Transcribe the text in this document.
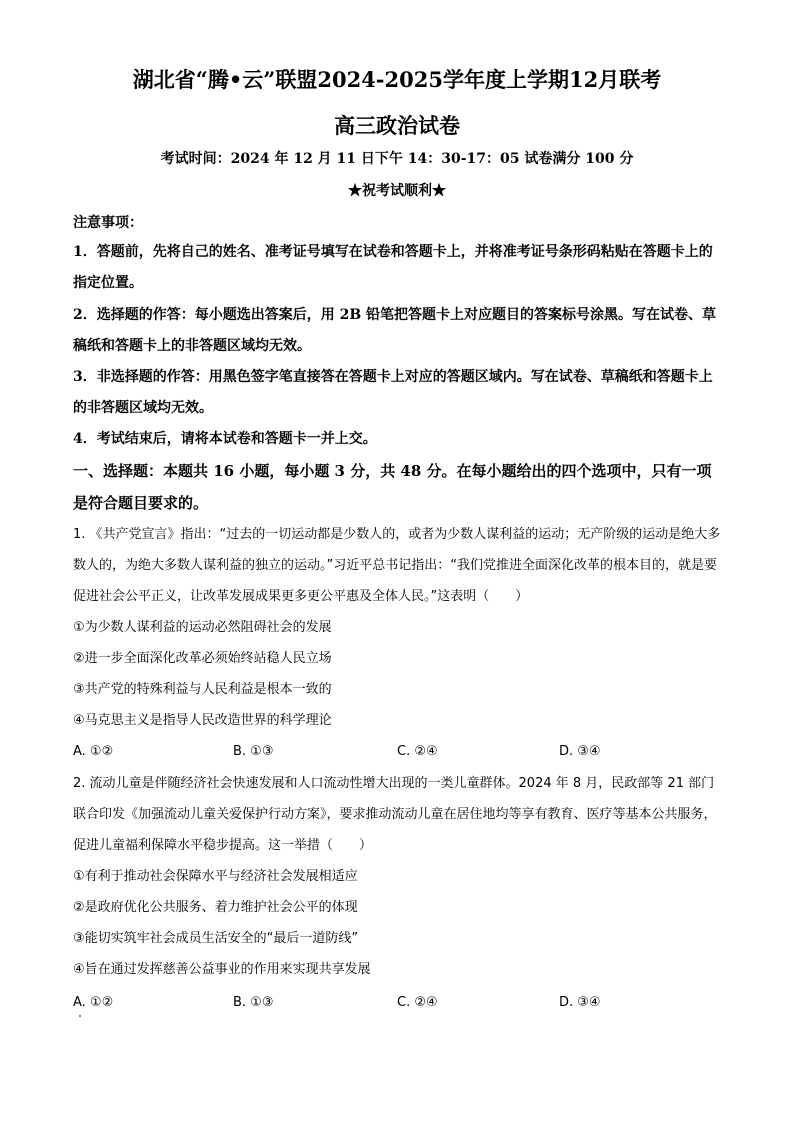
湖北省“腾•云”联盟2024-2025学年度上学期12月联考
高三政治试卷
考试时间：2024 年 12 月 11 日下午 14：30-17：05 试卷满分 100 分
★祝考试顺利★
注意事项：

1．答题前，先将自己的姓名、准考证号填写在试卷和答题卡上，并将准考证号条形码粘贴在答题卡上的指定位置。

2．选择题的作答：每小题选出答案后，用 2B 铅笔把答题卡上对应题目的答案标号涂黑。写在试卷、草稿纸和答题卡上的非答题区域均无效。

3．非选择题的作答：用黑色签字笔直接答在答题卡上对应的答题区域内。写在试卷、草稿纸和答题卡上的非答题区域均无效。

4．考试结束后，请将本试卷和答题卡一并上交。

一、选择题：本题共 16 小题，每小题 3 分，共 48 分。在每小题给出的四个选项中，只有一项是符合题目要求的。

1. 《共产党宣言》指出：“过去的一切运动都是少数人的，或者为少数人谋利益的运动；无产阶级的运动是绝大多数人的，为绝大多数人谋利益的独立的运动。”习近平总书记指出：“我们党推进全面深化改革的根本目的，就是要促进社会公平正义，让改革发展成果更多更公平惠及全体人民。”这表明（　　）

①为少数人谋利益的运动必然阻碍社会的发展
②进一步全面深化改革必须始终站稳人民立场
③共产党的特殊利益与人民利益是根本一致的
④马克思主义是指导人民改造世界的科学理论
A. ①②	B. ①③	C. ②④	D. ③④

2. 流动儿童是伴随经济社会快速发展和人口流动性增大出现的一类儿童群体。2024 年 8 月，民政部等 21 部门联合印发《加强流动儿童关爱保护行动方案》，要求推动流动儿童在居住地均等享有教育、医疗等基本公共服务，促进儿童福利保障水平稳步提高。这一举措（　　）

①有利于推动社会保障水平与经济社会发展相适应
②是政府优化公共服务、着力维护社会公平的体现
③能切实筑牢社会成员生活安全的“最后一道防线”
④旨在通过发挥慈善公益事业的作用来实现共享发展
A. ①②	B. ①③	C. ②④	D. ③④
